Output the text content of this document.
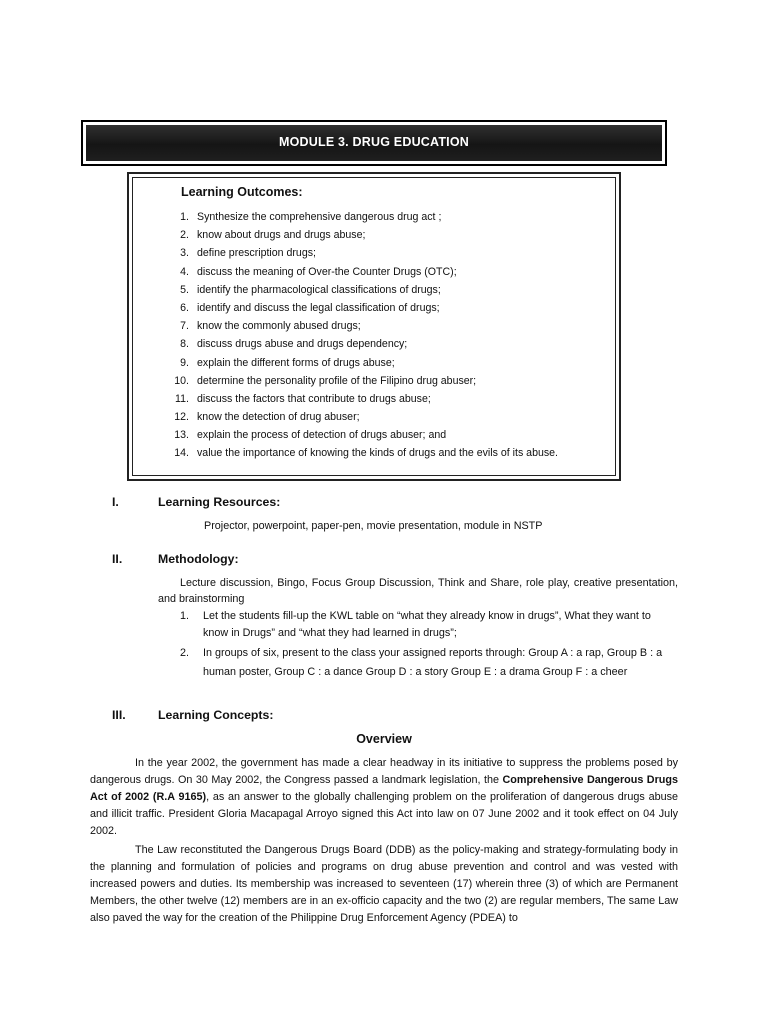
MODULE 3. DRUG EDUCATION
Learning Outcomes:
1. Synthesize the comprehensive dangerous drug act ;
2. know about drugs and drugs abuse;
3. define prescription drugs;
4. discuss the meaning of Over-the Counter Drugs (OTC);
5. identify the pharmacological classifications of drugs;
6. identify and discuss the legal classification of drugs;
7. know the commonly abused drugs;
8. discuss drugs abuse and drugs dependency;
9. explain the different forms of drugs abuse;
10. determine the personality profile of the Filipino drug abuser;
11. discuss the factors that contribute to drugs abuse;
12. know the detection of drug abuser;
13. explain the process of detection of drugs abuser; and
14. value the importance of knowing the kinds of drugs and the evils of its abuse.
I.	Learning Resources:
Projector, powerpoint, paper-pen, movie presentation, module in NSTP
II.	Methodology:
Lecture discussion, Bingo, Focus Group Discussion, Think and Share, role play, creative presentation, and brainstorming
1. Let the students fill-up the KWL table on “what they already know in drugs”, What they want to know in Drugs” and “what they had learned in drugs”;
2. In groups of six, present to the class your assigned reports through: Group A : a rap, Group B : a human poster, Group C : a dance Group D : a story Group E : a drama Group F : a cheer
III.	Learning Concepts:
Overview
In the year 2002, the government has made a clear headway in its initiative to suppress the problems posed by dangerous drugs. On 30 May 2002, the Congress passed a landmark legislation, the Comprehensive Dangerous Drugs Act of 2002 (R.A 9165), as an answer to the globally challenging problem on the proliferation of dangerous drugs abuse and illicit traffic. President Gloria Macapagal Arroyo signed this Act into law on 07 June 2002 and it took effect on 04 July 2002.
The Law reconstituted the Dangerous Drugs Board (DDB) as the policy-making and strategy-formulating body in the planning and formulation of policies and programs on drug abuse prevention and control and was vested with increased powers and duties. Its membership was increased to seventeen (17) wherein three (3) of which are Permanent Members, the other twelve (12) members are in an ex-officio capacity and the two (2) are regular members, The same Law also paved the way for the creation of the Philippine Drug Enforcement Agency (PDEA) to
